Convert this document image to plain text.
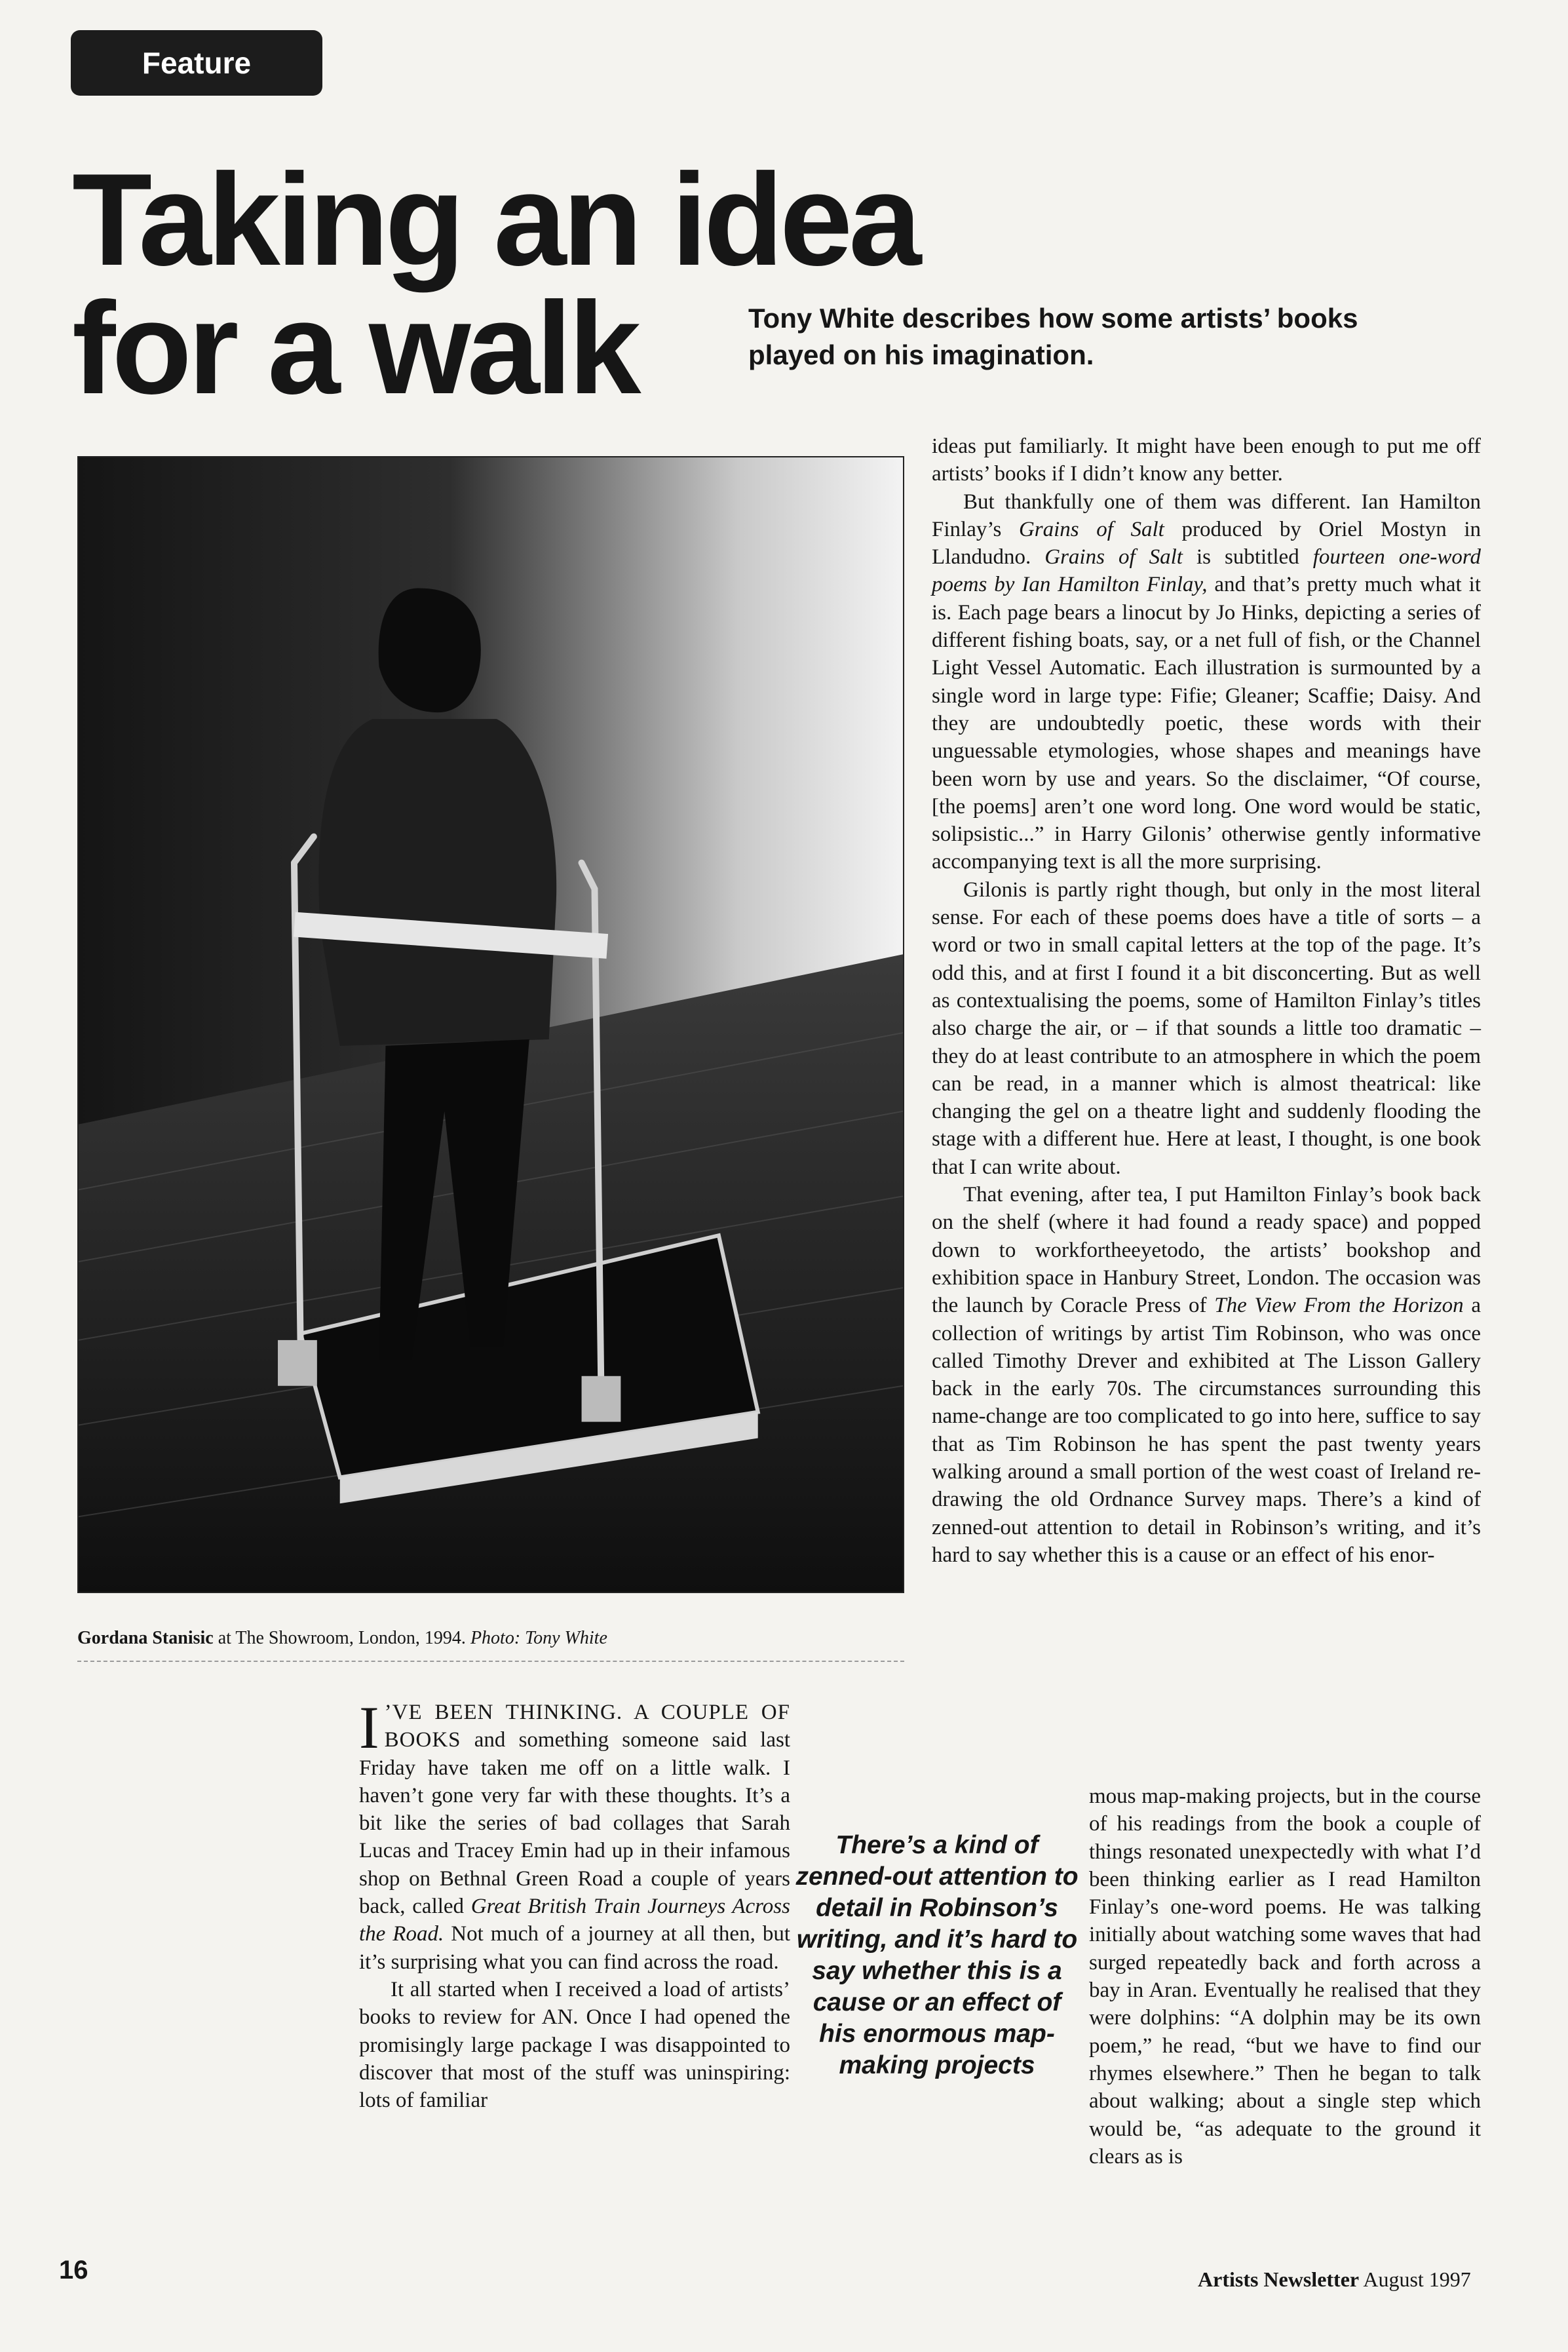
Feature
Taking an idea
for a walk	Tony White describes how some artists’ books played on his imagination.

Gordana Stanisic at The Showroom, London, 1994. Photo: Tony White

I ’VE BEEN THINKING. A COUPLE OF BOOKS and something someone said last Friday have taken me off on a little walk. I haven’t gone very far with these thoughts. It’s a bit like the series of bad collages that Sarah Lucas and Tracey Emin had up in their infamous shop on Bethnal Green Road a couple of years back, called Great British Train Journeys Across the Road. Not much of a journey at all then, but it’s surprising what you can find across the road.

It all started when I received a load of artists’ books to review for AN. Once I had opened the promisingly large package I was disappointed to discover that most of the stuff was uninspiring: lots of familiar

There’s a kind of zenned-out attention to detail in Robinson’s writing, and it’s hard to say whether this is a cause or an effect of his enormous map-making projects

ideas put familiarly. It might have been enough to put me off artists’ books if I didn’t know any better.

But thankfully one of them was different. Ian Hamilton Finlay’s Grains of Salt produced by Oriel Mostyn in Llandudno. Grains of Salt is subtitled fourteen one-word poems by Ian Hamilton Finlay, and that’s pretty much what it is. Each page bears a linocut by Jo Hinks, depicting a series of different fishing boats, say, or a net full of fish, or the Channel Light Vessel Automatic. Each illustration is surmounted by a single word in large type: Fifie; Gleaner; Scaffie; Daisy. And they are undoubtedly poetic, these words with their unguessable etymologies, whose shapes and meanings have been worn by use and years. So the disclaimer, “Of course, [the poems] aren’t one word long. One word would be static, solipsistic...” in Harry Gilonis’ otherwise gently informative accompanying text is all the more surprising.

Gilonis is partly right though, but only in the most literal sense. For each of these poems does have a title of sorts – a word or two in small capital letters at the top of the page. It’s odd this, and at first I found it a bit disconcerting. But as well as contextualising the poems, some of Hamilton Finlay’s titles also charge the air, or – if that sounds a little too dramatic – they do at least contribute to an atmosphere in which the poem can be read, in a manner which is almost theatrical: like changing the gel on a theatre light and suddenly flooding the stage with a different hue. Here at least, I thought, is one book that I can write about.

That evening, after tea, I put Hamilton Finlay’s book back on the shelf (where it had found a ready space) and popped down to workfortheeyetodo, the artists’ bookshop and exhibition space in Hanbury Street, London. The occasion was the launch by Coracle Press of The View From the Horizon a collection of writings by artist Tim Robinson, who was once called Timothy Drever and exhibited at The Lisson Gallery back in the early 70s. The circumstances surrounding this name-change are too complicated to go into here, suffice to say that as Tim Robinson he has spent the past twenty years walking around a small portion of the west coast of Ireland re-drawing the old Ordnance Survey maps. There’s a kind of zenned-out attention to detail in Robinson’s writing, and it’s hard to say whether this is a cause or an effect of his enor-

mous map-making projects, but in the course of his readings from the book a couple of things resonated unexpectedly with what I’d been thinking earlier as I read Hamilton Finlay’s one-word poems. He was talking initially about watching some waves that had surged repeatedly back and forth across a bay in Aran. Eventually he realised that they were dolphins: “A dolphin may be its own poem,” he read, “but we have to find our rhymes elsewhere.” Then he began to talk about walking; about a single step which would be, “as adequate to the ground it clears as is

16	Artists Newsletter August 1997
